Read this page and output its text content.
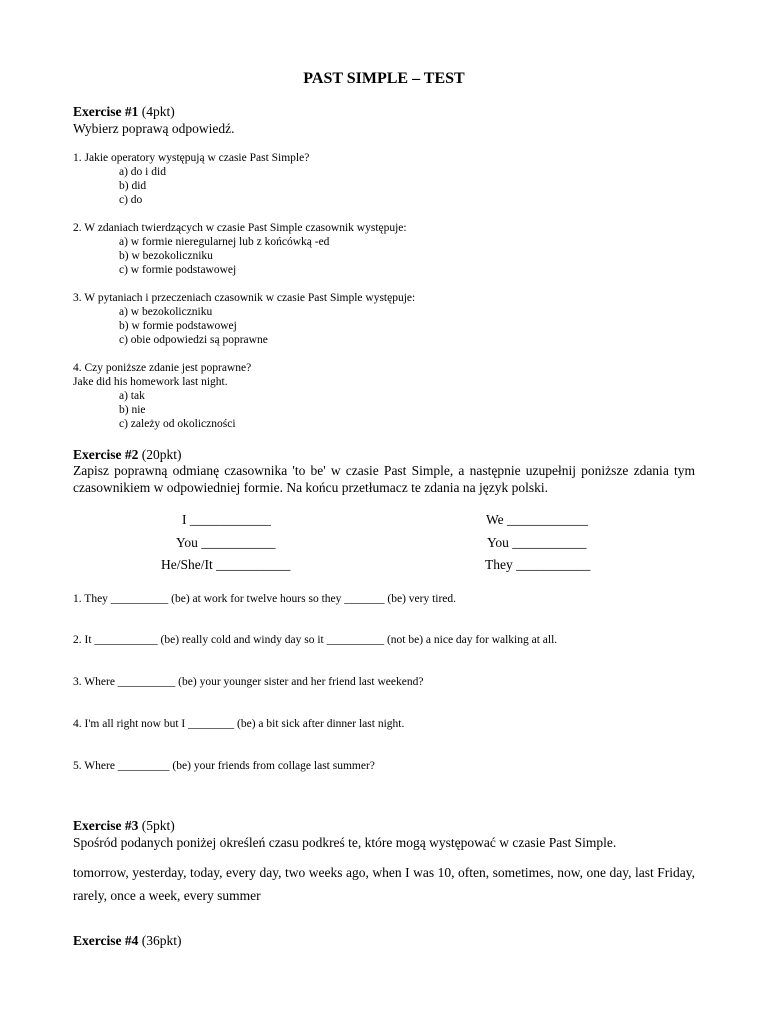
PAST SIMPLE – TEST
Exercise #1 (4pkt)
Wybierz poprawą odpowiedź.
1. Jakie operatory występują w czasie Past Simple?
a) do i did
b) did
c) do
2. W zdaniach twierdzących w czasie Past Simple czasownik występuje:
a) w formie nieregularnej lub z końcówką -ed
b) w bezokoliczniku
c) w formie podstawowej
3. W pytaniach i przeczeniach czasownik w czasie Past Simple występuje:
a) w bezokoliczniku
b) w formie podstawowej
c) obie odpowiedzi są poprawne
4. Czy poniższe zdanie jest poprawne?
Jake did his homework last night.
a) tak
b) nie
c) zależy od okoliczności
Exercise #2 (20pkt)
Zapisz poprawną odmianę czasownika 'to be' w czasie Past Simple, a następnie uzupełnij poniższe zdania tym czasownikiem w odpowiedniej formie. Na końcu przetłumacz te zdania na język polski.
I ____________
You ___________
He/She/It ___________
We ____________
You ___________
They ___________
1. They __________ (be) at work for twelve hours so they _______ (be) very tired.
2. It ___________ (be) really cold and windy day so it __________ (not be) a nice day for walking at all.
3. Where __________ (be) your younger sister and her friend last weekend?
4. I'm all right now but I ________ (be) a bit sick after dinner last night.
5. Where _________ (be) your friends from collage last summer?
Exercise #3 (5pkt)
Spośród podanych poniżej określeń czasu podkreś te, które mogą występować w czasie Past Simple.
tomorrow, yesterday, today, every day, two weeks ago, when I was 10, often, sometimes, now, one day, last Friday, rarely, once a week, every summer
Exercise #4 (36pkt)
